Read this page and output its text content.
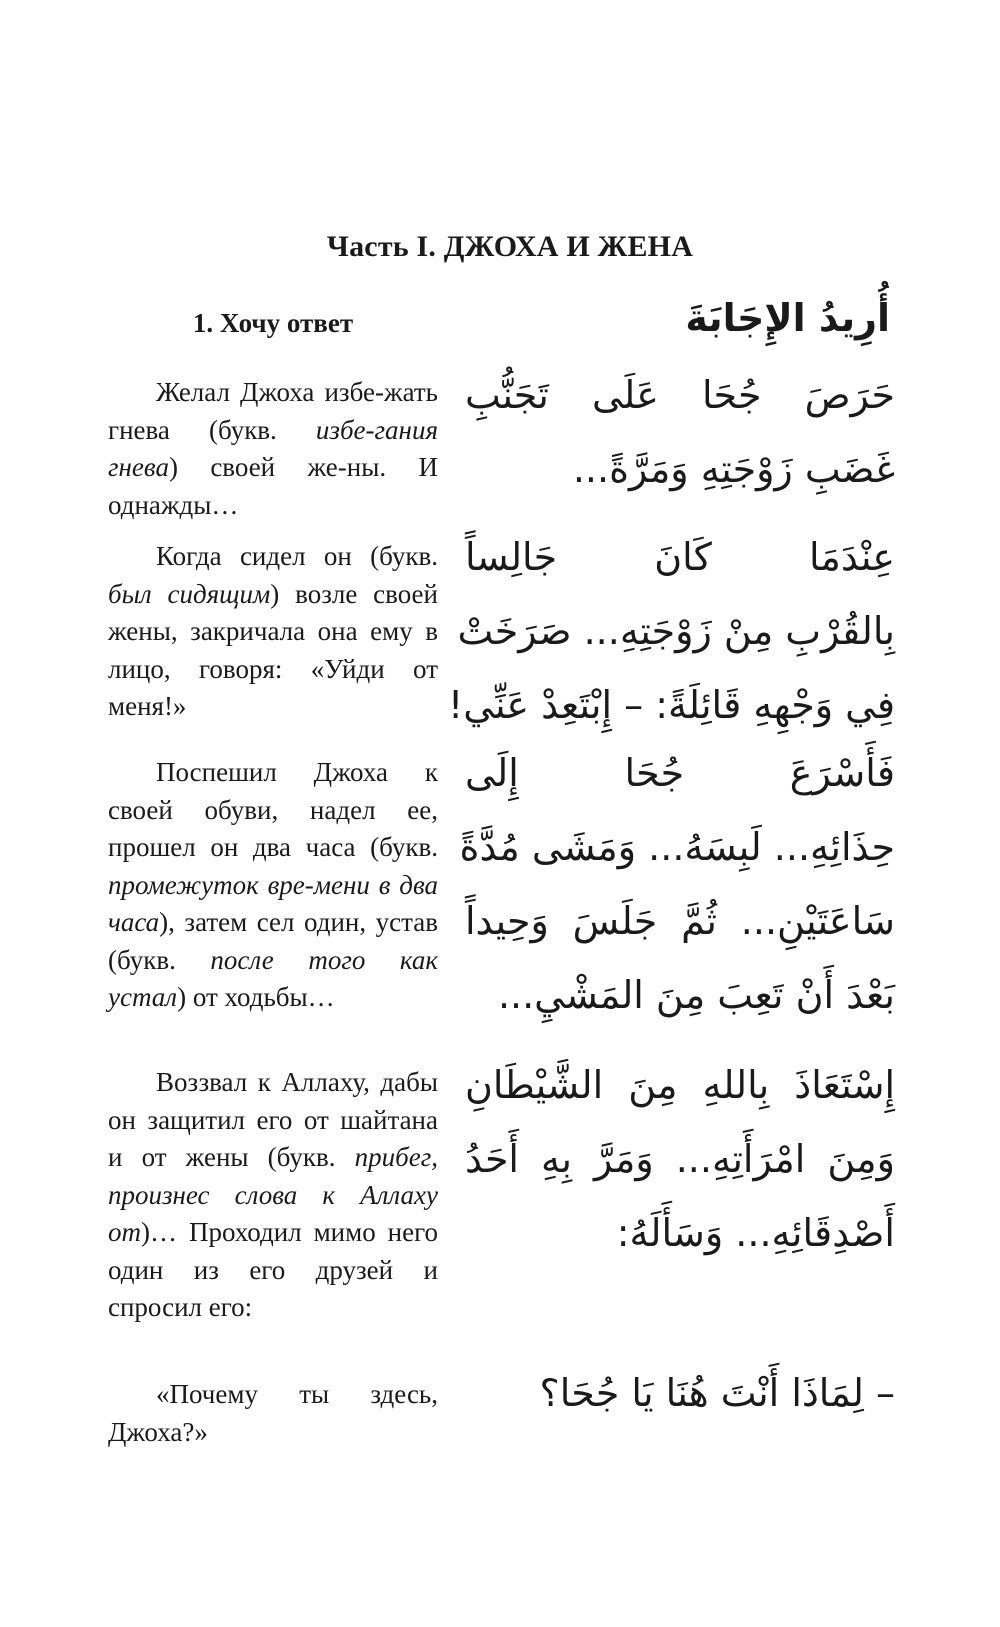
Часть I. ДЖОХА И ЖЕНА
1. Хочу ответ	أُرِيدُ الإِجَابَةَ
Желал Джоха избе-жать гнева (букв. избе-гания гнева) своей же-ны. И однажды…
حَرَصَ جُحَا عَلَى تَجَنُّبِ
غَضَبِ زَوْجَتِهِ وَمَرَّةً...
Когда сидел он (букв. был сидящим) возле своей жены, закричала она ему в лицо, говоря: «Уйди от меня!»
عِنْدَمَا كَانَ جَالِساً
بِالقُرْبِ مِنْ زَوْجَتِهِ... صَرَخَتْ
فِي وَجْهِهِ قَائِلَةً: – إِبْتَعِدْ عَنِّي!
Поспешил Джоха к своей обуви, надел ее, прошел он два часа (букв. промежуток вре-мени в два часа), затем сел один, устав (букв. после того как устал) от ходьбы…
فَأَسْرَعَ جُحَا إِلَى
حِذَائِهِ... لَبِسَهُ... وَمَشَى مُدَّةً
سَاعَتَيْنِ... ثُمَّ جَلَسَ وَحِيداً
بَعْدَ أَنْ تَعِبَ مِنَ المَشْيِ...
Воззвал к Аллаху, дабы он защитил его от шайтана и от жены (букв. прибег, произнес слова к Аллаху от)… Проходил мимо него один из его друзей и спросил его:
إِسْتَعَاذَ بِاللهِ مِنَ الشَّيْطَانِ
وَمِنَ امْرَأَتِهِ... وَمَرَّ بِهِ أَحَدُ
أَصْدِقَائِهِ... وَسَأَلَهُ:
«Почему ты здесь, Джоха?»
– لِمَاذَا أَنْتَ هُنَا يَا جُحَا؟
